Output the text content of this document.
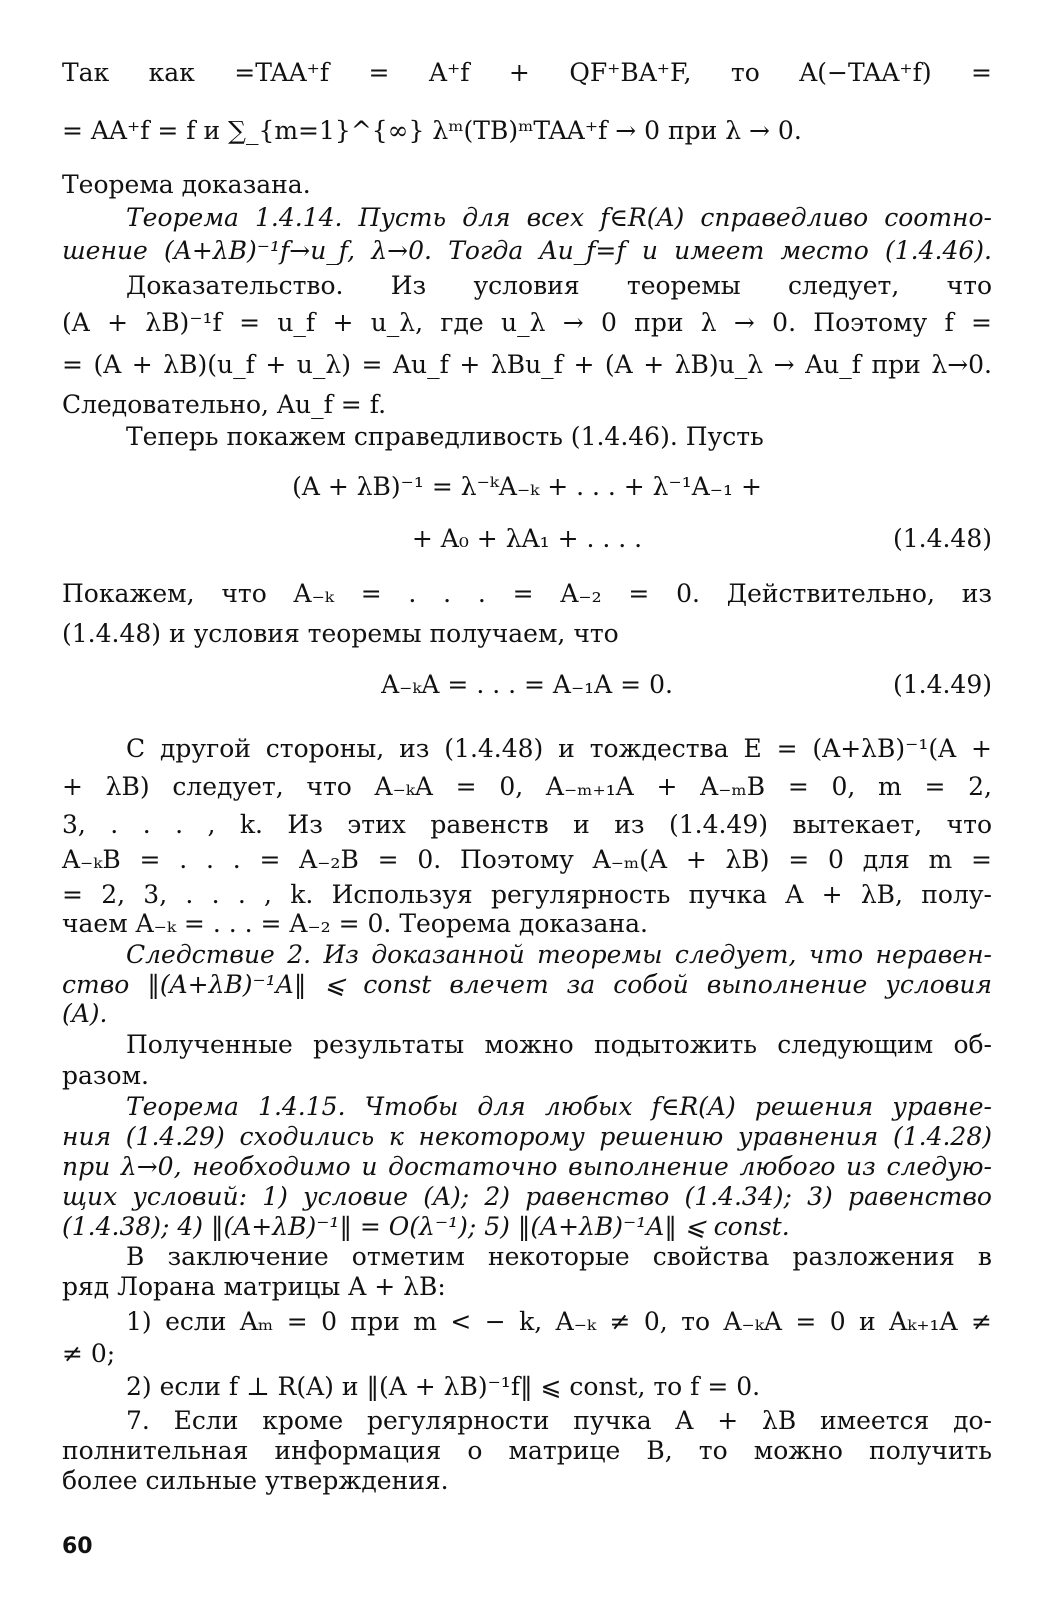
Так как =TAA⁺f = A⁺f + QF⁺BA⁺F, то A(−TAA⁺f) =
= AA⁺f = f и ∑_{m=1}^{∞} λᵐ(TB)ᵐTAA⁺f → 0 при λ → 0.
Теорема доказана.
Теорема 1.4.14. Пусть для всех f∈R(A) справедливо соотно-
шение (A+λB)⁻¹f→u_f, λ→0. Тогда Au_f=f и имеет место (1.4.46).
Доказательство. Из условия теоремы следует, что
(A + λB)⁻¹f = u_f + u_λ, где u_λ → 0 при λ → 0. Поэтому f =
= (A + λB)(u_f + u_λ) = Au_f + λBu_f + (A + λB)u_λ → Au_f при λ→0.
Следовательно, Au_f = f.
Теперь покажем справедливость (1.4.46). Пусть
(A + λB)⁻¹ = λ⁻ᵏA₋ₖ + . . . + λ⁻¹A₋₁ +
+ A₀ + λA₁ + . . . .	(1.4.48)
Покажем, что A₋ₖ = . . . = A₋₂ = 0. Действительно, из
(1.4.48) и условия теоремы получаем, что
A₋ₖA = . . . = A₋₁A = 0.	(1.4.49)
С другой стороны, из (1.4.48) и тождества E = (A+λB)⁻¹(A +
+ λB) следует, что A₋ₖA = 0, A₋ₘ₊₁A + A₋ₘB = 0, m = 2,
3, . . . , k. Из этих равенств и из (1.4.49) вытекает, что
A₋ₖB = . . . = A₋₂B = 0. Поэтому A₋ₘ(A + λB) = 0 для m =
= 2, 3, . . . , k. Используя регулярность пучка A + λB, полу-
чаем A₋ₖ = . . . = A₋₂ = 0. Теорема доказана.
Следствие 2. Из доказанной теоремы следует, что неравен-
ство ‖(A+λB)⁻¹A‖ ⩽ const влечет за собой выполнение условия
(A).
Полученные результаты можно подытожить следующим об-
разом.
Теорема 1.4.15. Чтобы для любых f∈R(A) решения уравне-
ния (1.4.29) сходились к некоторому решению уравнения (1.4.28)
при λ→0, необходимо и достаточно выполнение любого из следую-
щих условий: 1) условие (A); 2) равенство (1.4.34); 3) равенство
(1.4.38); 4) ‖(A+λB)⁻¹‖ = O(λ⁻¹); 5) ‖(A+λB)⁻¹A‖ ⩽ const.
В заключение отметим некоторые свойства разложения в
ряд Лорана матрицы A + λB:
1) если Aₘ = 0 при m < − k, A₋ₖ ≠ 0, то A₋ₖA = 0 и Aₖ₊₁A ≠
≠ 0;
2) если f ⊥ R(A) и ‖(A + λB)⁻¹f‖ ⩽ const, то f = 0.
7. Если кроме регулярности пучка A + λB имеется до-
полнительная информация о матрице B, то можно получить
более сильные утверждения.
60
